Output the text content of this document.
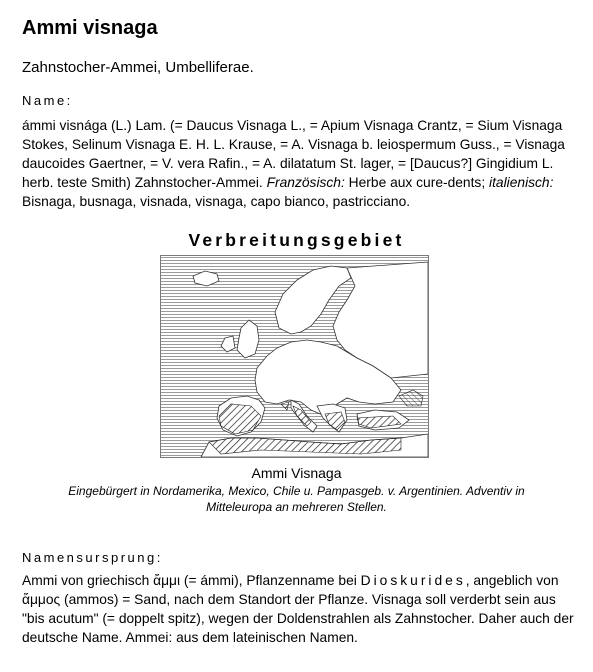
Ammi visnaga
Zahnstocher-Ammei, Umbelliferae.
Name:
ámmi visnága (L.) Lam. (= Daucus Visnaga L., = Apium Visnaga Crantz, = Sium Visnaga Stokes, Selinum Visnaga E. H. L. Krause, = A. Visnaga b. leiospermum Guss., = Visnaga daucoides Gaertner, = V. vera Rafin., = A. dilatatum St. lager, = [Daucus?] Gingidium L. herb. teste Smith) Zahnstocher-Ammei. Französisch: Herbe aux cure-dents; italienisch: Bisnaga, busnaga, visnada, visnaga, capo bianco, pastricciano.
Verbreitungsgebiet
Ammi Visnaga
Eingebürgert in Nordamerika, Mexico, Chile u. Pampasgeb. v. Argentinien. Adventiv in Mitteleuropa an mehreren Stellen.
Namensursprung:
Ammi von griechisch ἄμμι (= ámmi), Pflanzenname bei Dioskurides, angeblich von ἄμμος (ammos) = Sand, nach dem Standort der Pflanze. Visnaga soll verderbt sein aus "bis acutum" (= doppelt spitz), wegen der Doldenstrahlen als Zahnstocher. Daher auch der deutsche Name. Ammei: aus dem lateinischen Namen.
